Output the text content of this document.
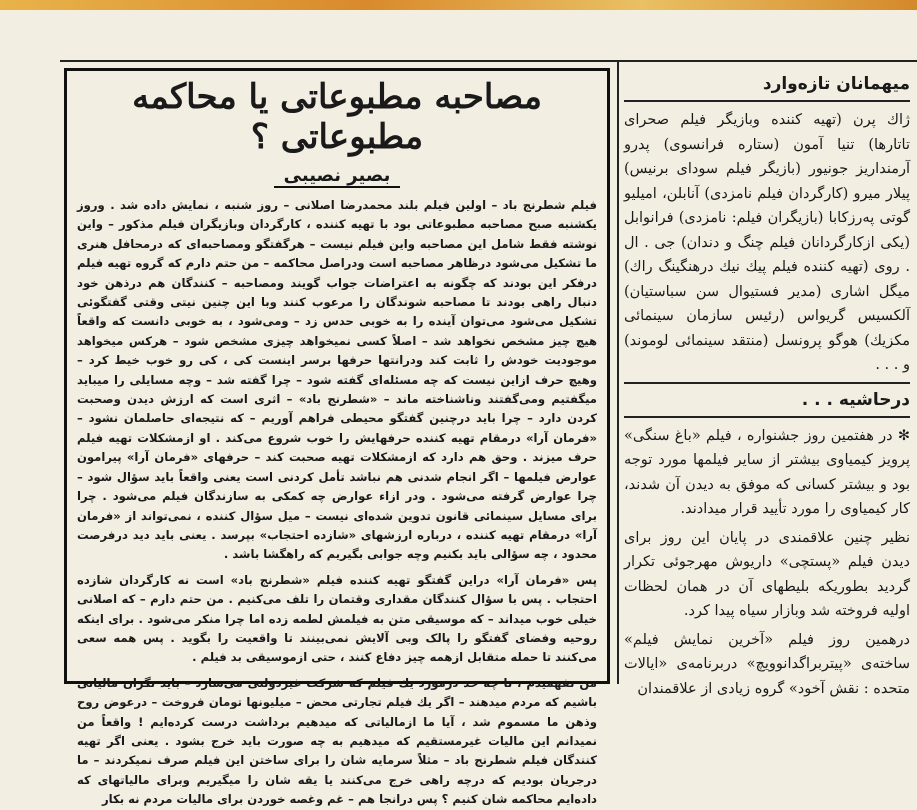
مصاحبه مطبوعاتی یا محاکمه مطبوعاتی ؟
بصیر نصیبی

فیلم شطرنج باد – اولین فیلم بلند محمدرضا اصلانی – روز شنبه ، نمایش داده شد . وروز یکشنبه صبح مصاحبه مطبوعاتی بود با تهیه کننده ، کارگردان وبازیگران فیلم مذکور – واین نوشته فقط شامل این مصاحبه واین فیلم نیست – هرگفتگو ومصاحبه‌ای که درمحافل هنری ما تشکیل می‌شود درظاهر مصاحبه است ودراصل محاکمه – من حتم دارم که گروه تهیه فیلم درفکر این بودند که چگونه به اعتراضات جواب گویند ومصاحبه – کنندگان هم درذهن خود دنبال راهی بودند تا مصاحبه شوندگان را مرعوب کنند وبا این چنین نیتی وقتی گفتگوئی تشکیل می‌شود می‌توان آینده را به خوبی حدس زد – ومی‌شود ، به خوبی دانست که واقعاً هیچ چیز مشخص نخواهد شد – اصلاً کسی نمیخواهد چیزی مشخص شود – هرکس میخواهد موجودیت خودش را ثابت کند ودرانتها حرفها برسر اینست کی ، کی رو خوب خیط کرد – وهیچ حرف ازاین نیست که چه مسئله‌ای گفته شود – چرا گفته شد – وچه مسایلی را میباید میگفتیم ومی‌گفتند وناشناخته ماند – «شطرنج باد» – اثری است که ارزش دیدن وصحبت کردن دارد – چرا باید درچنین گفتگو محیطی فراهم آوریم – که نتیجه‌ای حاصلمان نشود – «فرمان آرا» درمقام تهیه کننده حرفهایش را خوب شروع می‌کند . او ازمشکلات تهیه فیلم حرف میزند . وحق هم دارد که ازمشکلات تهیه صحبت کند – حرفهای «فرمان آرا» پیرامون عوارض فیلمها – اگر انجام شدنی هم نباشد تأمل کردنی است یعنی واقعاً باید سؤال شود – چرا عوارض گرفته می‌شود . ودر ازاء عوارض چه کمکی به سازندگان فیلم می‌شود . چرا برای مسایل سینمائی قانون تدوین شده‌ای نیست – میل سؤال کننده ، نمی‌تواند از «فرمان آرا» درمقام تهیه کننده ، درباره ارزشهای «شازده احتجاب» بپرسد . یعنی باید دید درفرصت محدود ، چه سؤالی باید بکنیم وچه جوابی بگیریم که راهگشا باشد .

پس «فرمان آرا» دراین گفتگو تهیه کننده فیلم «شطرنج باد» است نه کارگردان شازده احتجاب . پس با سؤال کنندگان مقداری وقتمان را تلف می‌کنیم . من حتم دارم – که اصلانی خیلی خوب میداند – که موسیقی متن به فیلمش لطمه زده اما چرا منکر می‌شود . برای اینکه روحیه وفضای گفتگو را پالک وبی آلایش نمی‌بینند تا واقعیت را بگوید . پس همه سعی می‌کنند تا حمله متقابل ازهمه چیز دفاع کنند ، حتی ازموسیقی بد فیلم .

من نفهمیدم ، تا چه حد درمورد یك فیلم که شرکت غیردولتی می‌سازد – باید نگران مالیاتی باشیم که مردم میدهند – اگر یك فیلم تجارتی محض – میلیونها تومان فروخت – درعوض روح وذهن ما مسموم شد ، آیا ما ازمالیاتی که میدهیم برداشت درست کرده‌ایم ! واقعاً من نمیدانم این مالیات غیرمستقیم که میدهیم به چه صورت باید خرج بشود . یعنی اگر تهیه کنندگان فیلم شطرنج باد – مثلاً سرمایه شان را برای ساختن این فیلم صرف نمیکردند – ما درجریان بودیم که درچه راهی خرج می‌کنند یا یقه شان را میگیریم وبرای مالیاتهای که داده‌ایم محاکمه شان کنیم ؟ پس درانجا هم – غم وغصه خوردن برای مالیات مردم نه بکار

میهمانان تازه‌وارد

ژاك پرن (تهیه کننده وبازیگر فیلم صحرای تاتارها) تنیا آمون (ستاره فرانسوی) پدرو آرمنداریز جونیور (بازیگر فیلم سودای برنیس) پیلار میرو (کارگردان فیلم نامزدی) آنابلن، امیلیو گوتی په‌رزکابا (بازیگران فیلم: نامزدی) فرانوابل (یکی ازکارگردانان فیلم چنگ و دندان) جی . ال . روی (تهیه کننده فیلم پیك نیك درهنگینگ راك) میگل اشاری (مدیر فستیوال سن سباستیان) آلکسیس گریواس (رئیس سازمان سینمائی مکزیك) هوگو پرونسل (منتقد سینمائی لوموند) و . . .

درحاشیه . . .

✻ در هفتمین روز جشنواره ، فیلم «باغ سنگی» پرویز کیمیاوی بیشتر از سایر فیلمها مورد توجه بود و بیشتر کسانی که موفق به دیدن آن شدند، کار کیمیاوی را مورد تأیید قرار میدادند.

نظیر چنین علاقمندی در پایان این روز برای دیدن فیلم «پستچی» داریوش مهرجوئی تکرار گردید بطوریکه بلیطهای آن در همان لحظات اولیه فروخته شد وبازار سیاه پیدا کرد.

درهمین روز فیلم «آخرین نمایش فیلم» ساخته‌ی «پیتربراگدانوویچ» دربرنامه‌ی «ایالات متحده : نقش آخود» گروه زیادی از علاقمندان
